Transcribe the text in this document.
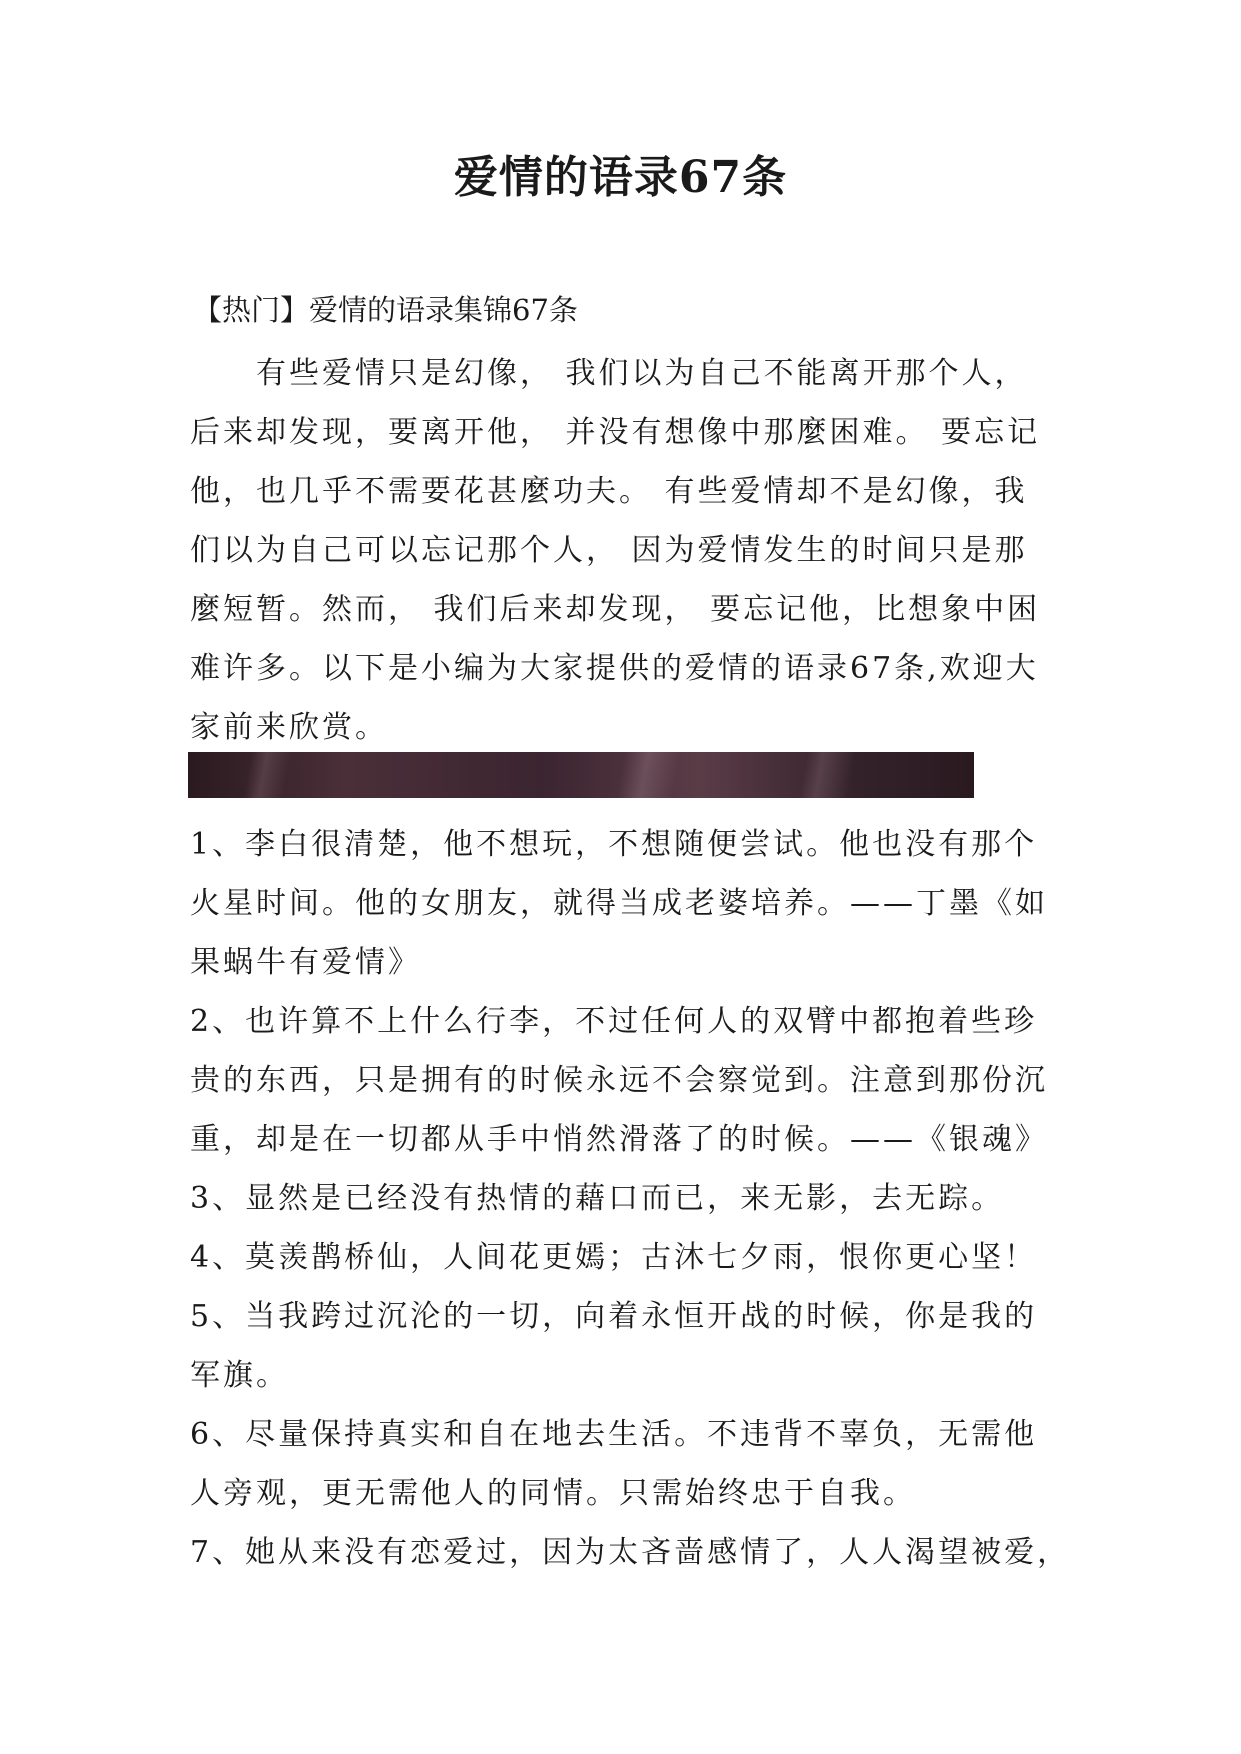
爱情的语录67条
【热门】爱情的语录集锦67条
　　有些爱情只是幻像， 我们以为自己不能离开那个人，
后来却发现，要离开他， 并没有想像中那麼困难。 要忘记
他，也几乎不需要花甚麼功夫。 有些爱情却不是幻像，我
们以为自己可以忘记那个人， 因为爱情发生的时间只是那
麼短暂。然而， 我们后来却发现， 要忘记他，比想象中困
难许多。以下是小编为大家提供的爱情的语录67条,欢迎大
家前来欣赏。
1、李白很清楚，他不想玩，不想随便尝试。他也没有那个
火星时间。他的女朋友，就得当成老婆培养。——丁墨《如
果蜗牛有爱情》
2、也许算不上什么行李，不过任何人的双臂中都抱着些珍
贵的东西，只是拥有的时候永远不会察觉到。注意到那份沉
重，却是在一切都从手中悄然滑落了的时候。——《银魂》
3、显然是已经没有热情的藉口而已，来无影，去无踪。
4、莫羡鹊桥仙，人间花更嫣；古沐七夕雨，恨你更心坚！
5、当我跨过沉沦的一切，向着永恒开战的时候，你是我的
军旗。
6、尽量保持真实和自在地去生活。不违背不辜负，无需他
人旁观，更无需他人的同情。只需始终忠于自我。
7、她从来没有恋爱过，因为太吝啬感情了，人人渴望被爱，
